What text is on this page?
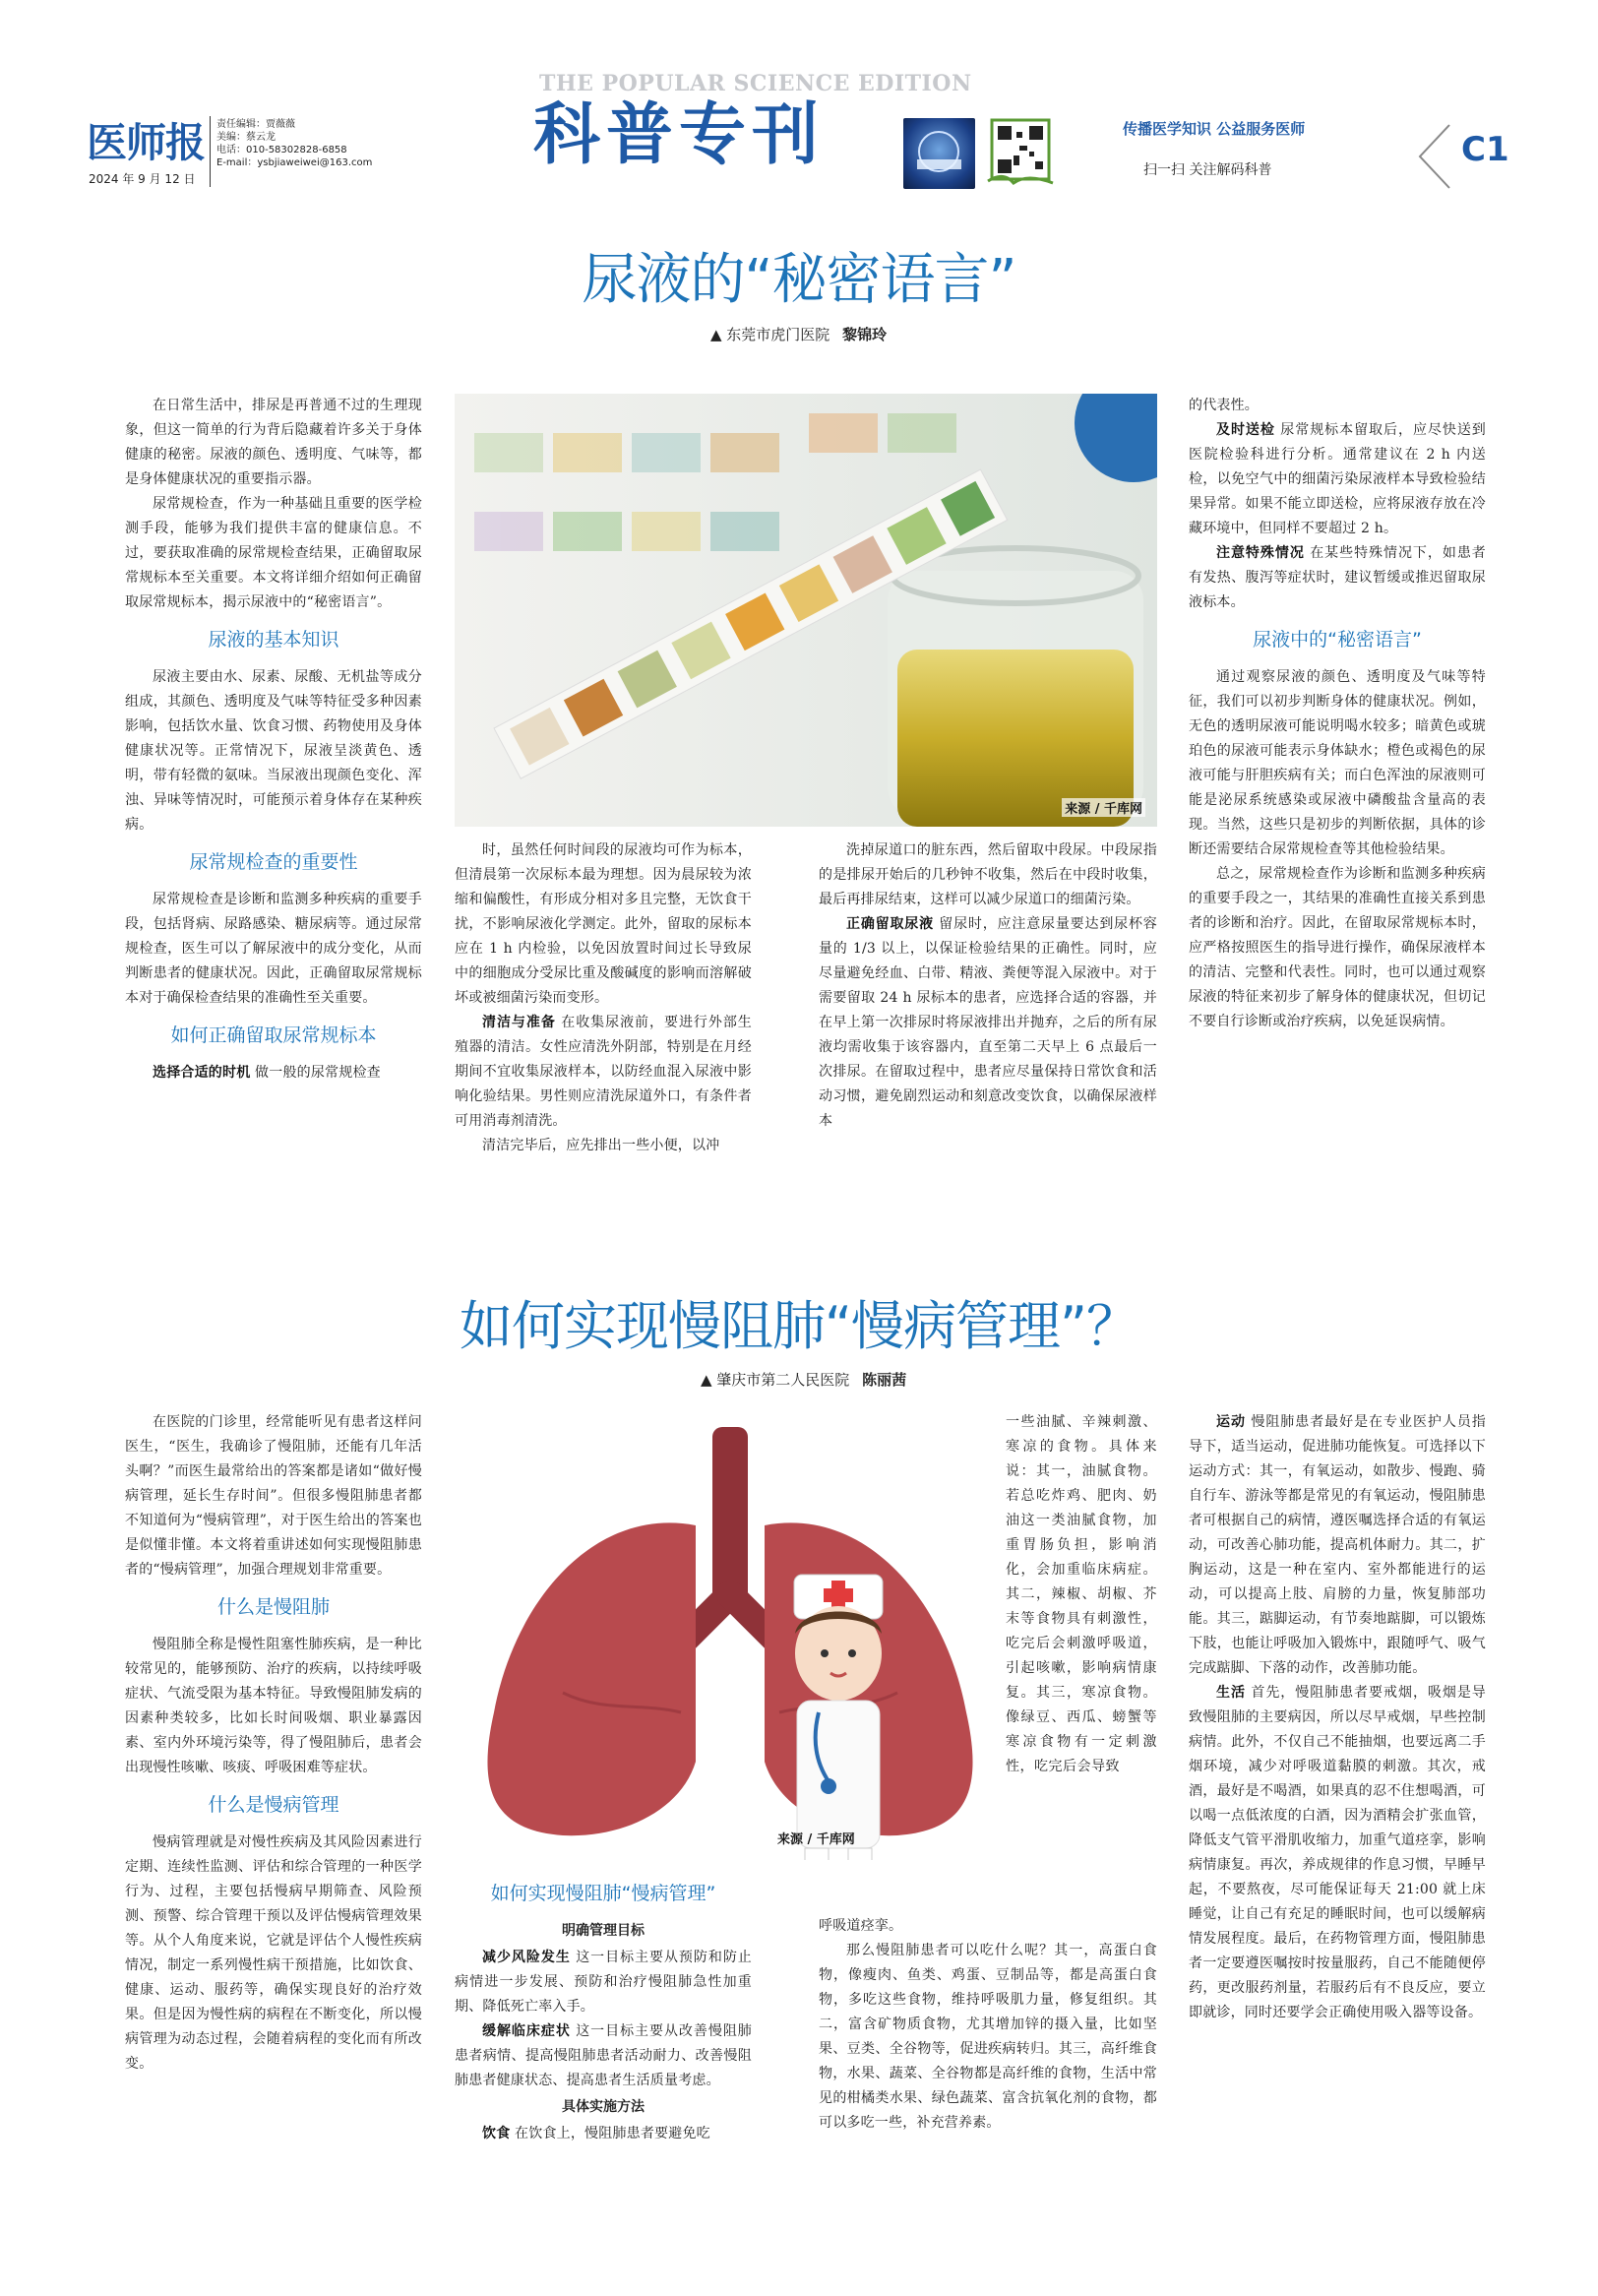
医师报
2024 年 9 月 12 日
责任编辑：贾薇薇
美编：蔡云龙
电话：010-58302828-6858
E-mail：ysbjiaweiwei@163.com
THE POPULAR SCIENCE EDITION
科普专刊	传播医学知识 公益服务医师
扫一扫 关注解码科普
C1
尿液的“秘密语言”
▲ 东莞市虎门医院 黎锦玲
来源 / 千库网

在日常生活中，排尿是再普通不过的生理现象，但这一简单的行为背后隐藏着许多关于身体健康的秘密。尿液的颜色、透明度、气味等，都是身体健康状况的重要指示器。

尿常规检查，作为一种基础且重要的医学检测手段，能够为我们提供丰富的健康信息。不过，要获取准确的尿常规检查结果，正确留取尿常规标本至关重要。本文将详细介绍如何正确留取尿常规标本，揭示尿液中的“秘密语言”。

尿液的基本知识

尿液主要由水、尿素、尿酸、无机盐等成分组成，其颜色、透明度及气味等特征受多种因素影响，包括饮水量、饮食习惯、药物使用及身体健康状况等。正常情况下，尿液呈淡黄色、透明，带有轻微的氨味。当尿液出现颜色变化、浑浊、异味等情况时，可能预示着身体存在某种疾病。

尿常规检查的重要性

尿常规检查是诊断和监测多种疾病的重要手段，包括肾病、尿路感染、糖尿病等。通过尿常规检查，医生可以了解尿液中的成分变化，从而判断患者的健康状况。因此，正确留取尿常规标本对于确保检查结果的准确性至关重要。

如何正确留取尿常规标本

选择合适的时机 做一般的尿常规检查

时，虽然任何时间段的尿液均可作为标本，但清晨第一次尿标本最为理想。因为晨尿较为浓缩和偏酸性，有形成分相对多且完整，无饮食干扰，不影响尿液化学测定。此外，留取的尿标本应在 1 h 内检验，以免因放置时间过长导致尿中的细胞成分受尿比重及酸碱度的影响而溶解破坏或被细菌污染而变形。

清洁与准备 在收集尿液前，要进行外部生殖器的清洁。女性应清洗外阴部，特别是在月经期间不宜收集尿液样本，以防经血混入尿液中影响化验结果。男性则应清洗尿道外口，有条件者可用消毒剂清洗。

清洁完毕后，应先排出一些小便，以冲

洗掉尿道口的脏东西，然后留取中段尿。中段尿指的是排尿开始后的几秒钟不收集，然后在中段时收集，最后再排尿结束，这样可以减少尿道口的细菌污染。

正确留取尿液 留尿时，应注意尿量要达到尿杯容量的 1/3 以上，以保证检验结果的正确性。同时，应尽量避免经血、白带、精液、粪便等混入尿液中。对于需要留取 24 h 尿标本的患者，应选择合适的容器，并在早上第一次排尿时将尿液排出并抛弃，之后的所有尿液均需收集于该容器内，直至第二天早上 6 点最后一次排尿。在留取过程中，患者应尽量保持日常饮食和活动习惯，避免剧烈运动和刻意改变饮食，以确保尿液样本

的代表性。

及时送检 尿常规标本留取后，应尽快送到医院检验科进行分析。通常建议在 2 h 内送检，以免空气中的细菌污染尿液样本导致检验结果异常。如果不能立即送检，应将尿液存放在冷藏环境中，但同样不要超过 2 h。

注意特殊情况 在某些特殊情况下，如患者有发热、腹泻等症状时，建议暂缓或推迟留取尿液标本。

尿液中的“秘密语言”

通过观察尿液的颜色、透明度及气味等特征，我们可以初步判断身体的健康状况。例如，无色的透明尿液可能说明喝水较多；暗黄色或琥珀色的尿液可能表示身体缺水；橙色或褐色的尿液可能与肝胆疾病有关；而白色浑浊的尿液则可能是泌尿系统感染或尿液中磷酸盐含量高的表现。当然，这些只是初步的判断依据，具体的诊断还需要结合尿常规检查等其他检验结果。

总之，尿常规检查作为诊断和监测多种疾病的重要手段之一，其结果的准确性直接关系到患者的诊断和治疗。因此，在留取尿常规标本时，应严格按照医生的指导进行操作，确保尿液样本的清洁、完整和代表性。同时，也可以通过观察尿液的特征来初步了解身体的健康状况，但切记不要自行诊断或治疗疾病，以免延误病情。

如何实现慢阻肺“慢病管理”？
▲ 肇庆市第二人民医院 陈丽茜
来源 / 千库网

在医院的门诊里，经常能听见有患者这样问医生，“医生，我确诊了慢阻肺，还能有几年活头啊？”而医生最常给出的答案都是诸如“做好慢病管理，延长生存时间”。但很多慢阻肺患者都不知道何为“慢病管理”，对于医生给出的答案也是似懂非懂。本文将着重讲述如何实现慢阻肺患者的“慢病管理”，加强合理规划非常重要。

什么是慢阻肺

慢阻肺全称是慢性阻塞性肺疾病，是一种比较常见的，能够预防、治疗的疾病，以持续呼吸症状、气流受限为基本特征。导致慢阻肺发病的因素种类较多，比如长时间吸烟、职业暴露因素、室内外环境污染等，得了慢阻肺后，患者会出现慢性咳嗽、咳痰、呼吸困难等症状。

什么是慢病管理

慢病管理就是对慢性疾病及其风险因素进行定期、连续性监测、评估和综合管理的一种医学行为、过程，主要包括慢病早期筛查、风险预测、预警、综合管理干预以及评估慢病管理效果等。从个人角度来说，它就是评估个人慢性疾病情况，制定一系列慢性病干预措施，比如饮食、健康、运动、服药等，确保实现良好的治疗效果。但是因为慢性病的病程在不断变化，所以慢病管理为动态过程，会随着病程的变化而有所改变。

如何实现慢阻肺“慢病管理”
明确管理目标

减少风险发生 这一目标主要从预防和防止病情进一步发展、预防和治疗慢阻肺急性加重期、降低死亡率入手。

缓解临床症状 这一目标主要从改善慢阻肺患者病情、提高慢阻肺患者活动耐力、改善慢阻肺患者健康状态、提高患者生活质量考虑。

具体实施方法

饮食 在饮食上，慢阻肺患者要避免吃

一些油腻、辛辣刺激、寒凉的食物。具体来说：其一，油腻食物。若总吃炸鸡、肥肉、奶油这一类油腻食物，加重胃肠负担，影响消化，会加重临床病症。其二，辣椒、胡椒、芥末等食物具有刺激性，吃完后会刺激呼吸道，引起咳嗽，影响病情康复。其三，寒凉食物。像绿豆、西瓜、螃蟹等寒凉食物有一定刺激性，吃完后会导致

呼吸道痉挛。

那么慢阻肺患者可以吃什么呢？其一，高蛋白食物，像瘦肉、鱼类、鸡蛋、豆制品等，都是高蛋白食物，多吃这些食物，维持呼吸肌力量，修复组织。其二，富含矿物质食物，尤其增加锌的摄入量，比如坚果、豆类、全谷物等，促进疾病转归。其三，高纤维食物，水果、蔬菜、全谷物都是高纤维的食物，生活中常见的柑橘类水果、绿色蔬菜、富含抗氧化剂的食物，都可以多吃一些，补充营养素。

运动 慢阻肺患者最好是在专业医护人员指导下，适当运动，促进肺功能恢复。可选择以下运动方式：其一，有氧运动，如散步、慢跑、骑自行车、游泳等都是常见的有氧运动，慢阻肺患者可根据自己的病情，遵医嘱选择合适的有氧运动，可改善心肺功能，提高机体耐力。其二，扩胸运动，这是一种在室内、室外都能进行的运动，可以提高上肢、肩膀的力量，恢复肺部功能。其三，踮脚运动，有节奏地踮脚，可以锻炼下肢，也能让呼吸加入锻炼中，跟随呼气、吸气完成踮脚、下落的动作，改善肺功能。

生活 首先，慢阻肺患者要戒烟，吸烟是导致慢阻肺的主要病因，所以尽早戒烟，早些控制病情。此外，不仅自己不能抽烟，也要远离二手烟环境，减少对呼吸道黏膜的刺激。其次，戒酒，最好是不喝酒，如果真的忍不住想喝酒，可以喝一点低浓度的白酒，因为酒精会扩张血管，降低支气管平滑肌收缩力，加重气道痉挛，影响病情康复。再次，养成规律的作息习惯，早睡早起，不要熬夜，尽可能保证每天 21:00 就上床睡觉，让自己有充足的睡眠时间，也可以缓解病情发展程度。最后，在药物管理方面，慢阻肺患者一定要遵医嘱按时按量服药，自己不能随便停药，更改服药剂量，若服药后有不良反应，要立即就诊，同时还要学会正确使用吸入器等设备。
